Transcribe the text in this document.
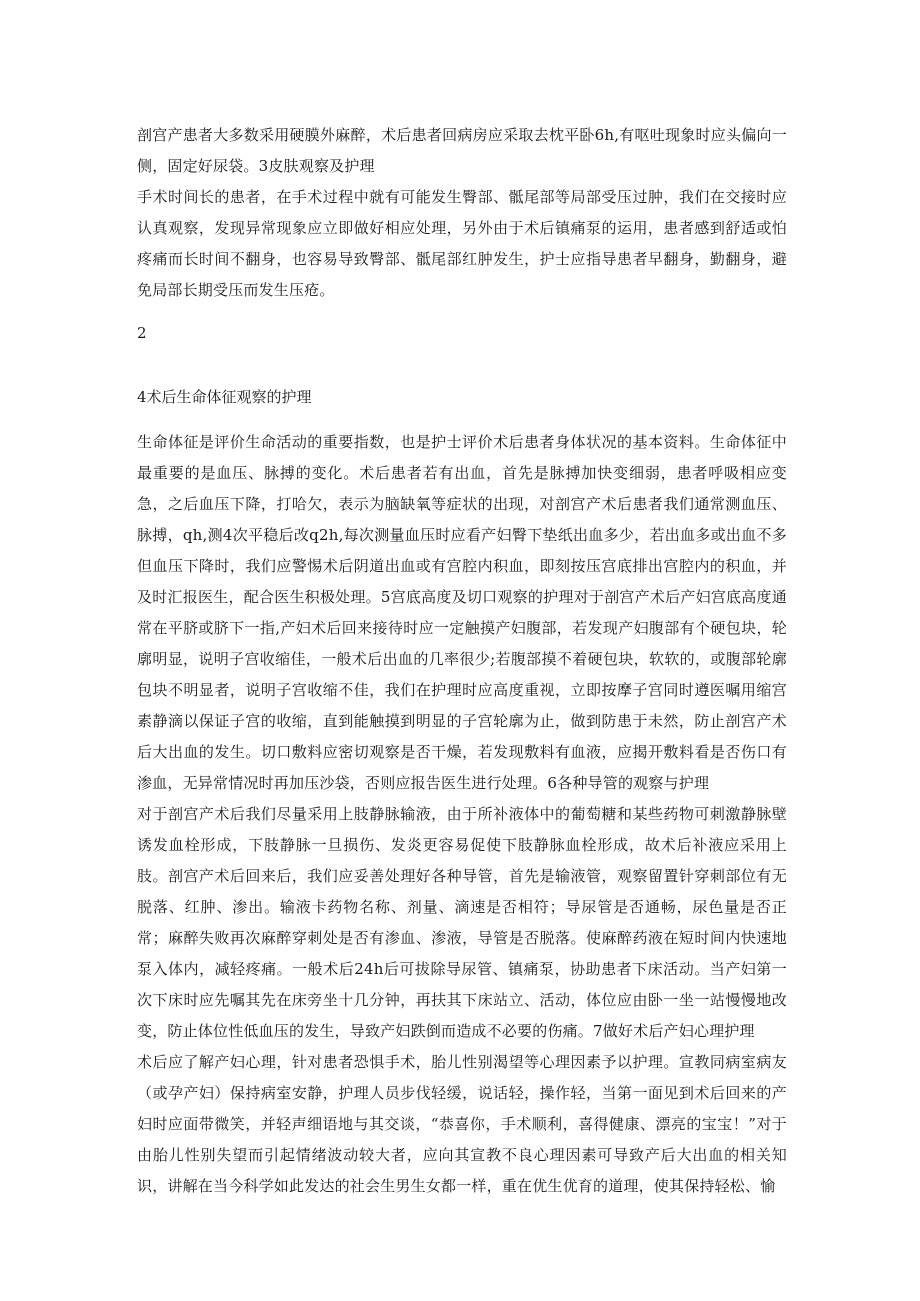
剖宫产患者大多数采用硬膜外麻醉，术后患者回病房应采取去枕平卧6h,有呕吐现象时应头偏向一侧，固定好尿袋。3皮肤观察及护理

手术时间长的患者，在手术过程中就有可能发生臀部、骶尾部等局部受压过肿，我们在交接时应认真观察，发现异常现象应立即做好相应处理，另外由于术后镇痛泵的运用，患者感到舒适或怕疼痛而长时间不翻身，也容易导致臀部、骶尾部红肿发生，护士应指导患者早翻身，勤翻身，避免局部长期受压而发生压疮。

2
4术后生命体征观察的护理

生命体征是评价生命活动的重要指数，也是护士评价术后患者身体状况的基本资料。生命体征中最重要的是血压、脉搏的变化。术后患者若有出血，首先是脉搏加快变细弱，患者呼吸相应变急，之后血压下降，打哈欠，表示为脑缺氧等症状的出现，对剖宫产术后患者我们通常测血压、脉搏，qh,测4次平稳后改q2h,每次测量血压时应看产妇臀下垫纸出血多少，若出血多或出血不多但血压下降时，我们应警惕术后阴道出血或有宫腔内积血，即刻按压宫底排出宫腔内的积血，并及时汇报医生，配合医生积极处理。5宫底高度及切口观察的护理对于剖宫产术后产妇宫底高度通常在平脐或脐下一指,产妇术后回来接待时应一定触摸产妇腹部，若发现产妇腹部有个硬包块，轮廓明显，说明子宫收缩佳，一般术后出血的几率很少;若腹部摸不着硬包块，软软的，或腹部轮廓包块不明显者，说明子宫收缩不佳，我们在护理时应高度重视，立即按摩子宫同时遵医嘱用缩宫素静滴以保证子宫的收缩，直到能触摸到明显的子宫轮廓为止，做到防患于未然，防止剖宫产术后大出血的发生。切口敷料应密切观察是否干燥，若发现敷料有血液，应揭开敷料看是否伤口有渗血，无异常情况时再加压沙袋，否则应报告医生进行处理。6各种导管的观察与护理

对于剖宫产术后我们尽量采用上肢静脉输液，由于所补液体中的葡萄糖和某些药物可刺激静脉壁诱发血栓形成，下肢静脉一旦损伤、发炎更容易促使下肢静脉血栓形成，故术后补液应采用上肢。剖宫产术后回来后，我们应妥善处理好各种导管，首先是输液管，观察留置针穿刺部位有无脱落、红肿、渗出。输液卡药物名称、剂量、滴速是否相符；导尿管是否通畅，尿色量是否正常；麻醉失败再次麻醉穿刺处是否有渗血、渗液，导管是否脱落。使麻醉药液在短时间内快速地泵入体内，减轻疼痛。一般术后24h后可拔除导尿管、镇痛泵，协助患者下床活动。当产妇第一次下床时应先嘱其先在床旁坐十几分钟，再扶其下床站立、活动，体位应由卧一坐一站慢慢地改变，防止体位性低血压的发生，导致产妇跌倒而造成不必要的伤痛。7做好术后产妇心理护理

术后应了解产妇心理，针对患者恐惧手术，胎儿性别渴望等心理因素予以护理。宣教同病室病友（或孕产妇）保持病室安静，护理人员步伐轻缓，说话轻，操作轻，当第一面见到术后回来的产妇时应面带微笑，并轻声细语地与其交谈，“恭喜你，手术顺利，喜得健康、漂亮的宝宝！”对于由胎儿性别失望而引起情绪波动较大者，应向其宣教不良心理因素可导致产后大出血的相关知识，讲解在当今科学如此发达的社会生男生女都一样，重在优生优育的道理，使其保持轻松、愉
